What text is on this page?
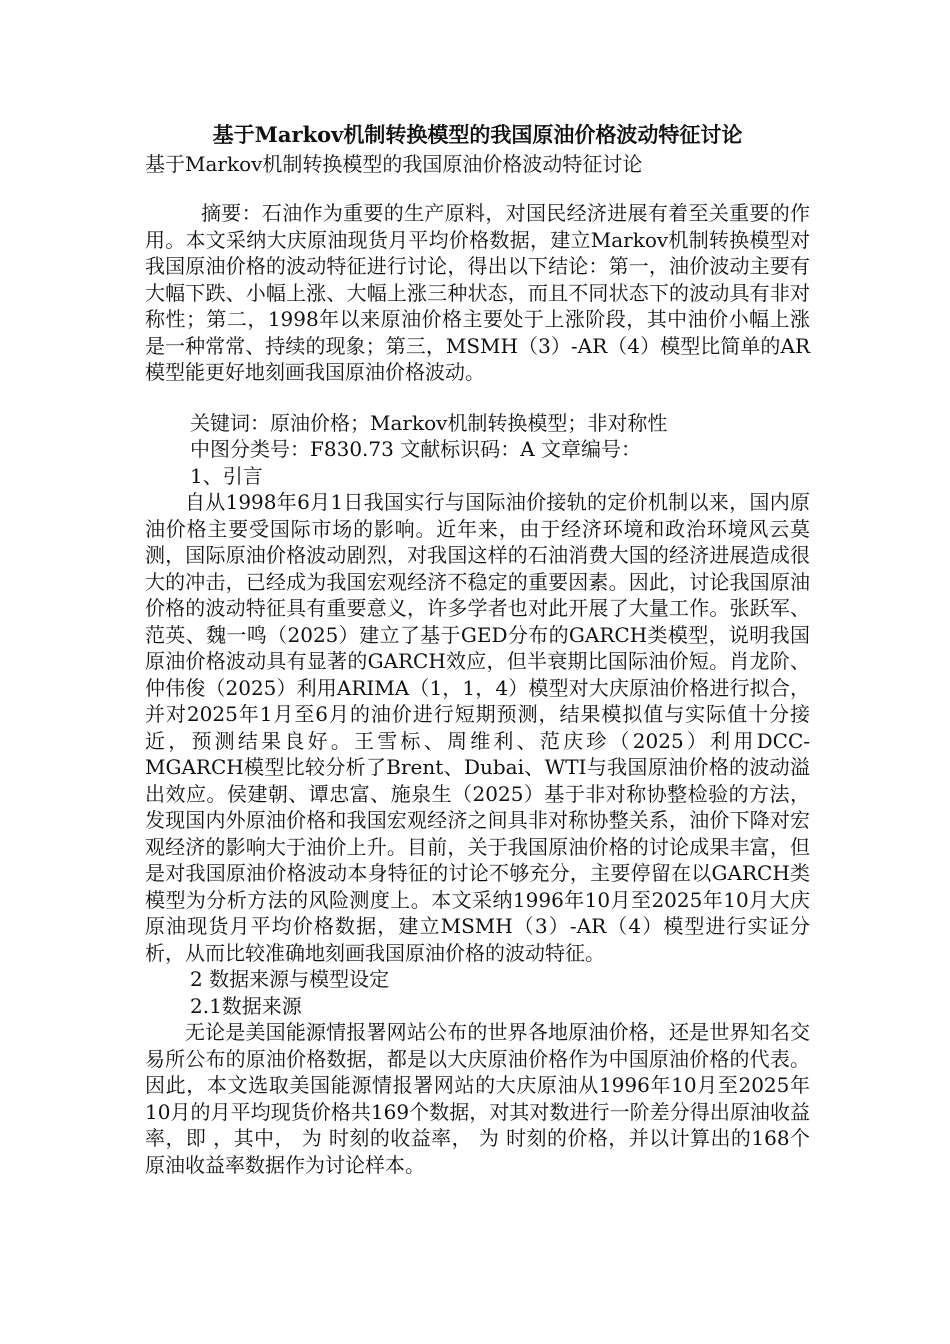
基于Markov机制转换模型的我国原油价格波动特征讨论
基于Markov机制转换模型的我国原油价格波动特征讨论

摘要：石油作为重要的生产原料，对国民经济进展有着至关重要的作用。本文采纳大庆原油现货月平均价格数据，建立Markov机制转换模型对我国原油价格的波动特征进行讨论，得出以下结论：第一，油价波动主要有大幅下跌、小幅上涨、大幅上涨三种状态，而且不同状态下的波动具有非对称性；第二，1998年以来原油价格主要处于上涨阶段，其中油价小幅上涨是一种常常、持续的现象；第三，MSMH（3）-AR（4）模型比简单的AR模型能更好地刻画我国原油价格波动。

关键词：原油价格；Markov机制转换模型；非对称性

中图分类号：F830.73 文献标识码：A 文章编号：

1、引言

自从1998年6月1日我国实行与国际油价接轨的定价机制以来，国内原油价格主要受国际市场的影响。近年来，由于经济环境和政治环境风云莫测，国际原油价格波动剧烈，对我国这样的石油消费大国的经济进展造成很大的冲击，已经成为我国宏观经济不稳定的重要因素。因此，讨论我国原油价格的波动特征具有重要意义，许多学者也对此开展了大量工作。张跃军、范英、魏一鸣（2025）建立了基于GED分布的GARCH类模型，说明我国原油价格波动具有显著的GARCH效应，但半衰期比国际油价短。肖龙阶、仲伟俊（2025）利用ARIMA（1，1，4）模型对大庆原油价格进行拟合，并对2025年1月至6月的油价进行短期预测，结果模拟值与实际值十分接近，预测结果良好。王雪标、周维利、范庆珍（2025）利用DCC-MGARCH模型比较分析了Brent、Dubai、WTI与我国原油价格的波动溢出效应。侯建朝、谭忠富、施泉生（2025）基于非对称协整检验的方法，发现国内外原油价格和我国宏观经济之间具非对称协整关系，油价下降对宏观经济的影响大于油价上升。目前，关于我国原油价格的讨论成果丰富，但是对我国原油价格波动本身特征的讨论不够充分，主要停留在以GARCH类模型为分析方法的风险测度上。本文采纳1996年10月至2025年10月大庆原油现货月平均价格数据，建立MSMH（3）-AR（4）模型进行实证分析，从而比较准确地刻画我国原油价格的波动特征。

2 数据来源与模型设定

2.1数据来源

无论是美国能源情报署网站公布的世界各地原油价格，还是世界知名交易所公布的原油价格数据，都是以大庆原油价格作为中国原油价格的代表。因此，本文选取美国能源情报署网站的大庆原油从1996年10月至2025年10月的月平均现货价格共169个数据，对其对数进行一阶差分得出原油收益率，即 ，其中， 为 时刻的收益率， 为 时刻的价格，并以计算出的168个原油收益率数据作为讨论样本。
